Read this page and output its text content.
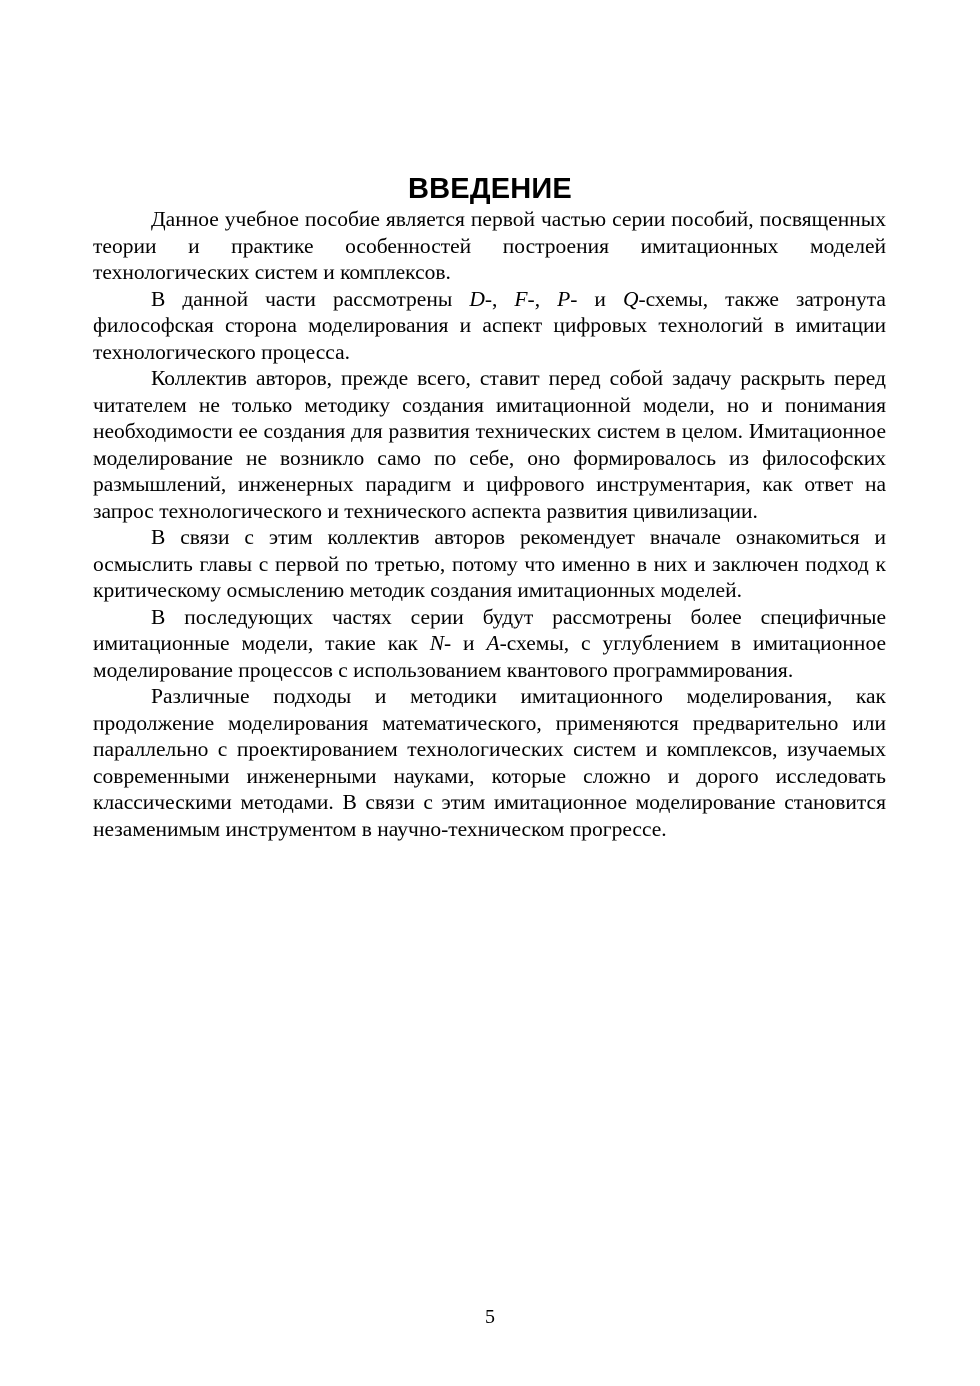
ВВЕДЕНИЕ

Данное учебное пособие является первой частью серии пособий, посвященных теории и практике особенностей построения имитационных моделей технологических систем и комплексов.

В данной части рассмотрены D-, F-, P- и Q-схемы, также затронута философская сторона моделирования и аспект цифровых технологий в имитации технологического процесса.

Коллектив авторов, прежде всего, ставит перед собой задачу раскрыть перед читателем не только методику создания имитационной модели, но и понимания необходимости ее создания для развития технических систем в целом. Имитационное моделирование не возникло само по себе, оно формировалось из философских размышлений, инженерных парадигм и цифрового инструментария, как ответ на запрос технологического и технического аспекта развития цивилизации.

В связи с этим коллектив авторов рекомендует вначале ознакомиться и осмыслить главы с первой по третью, потому что именно в них и заключен подход к критическому осмыслению методик создания имитационных моделей.

В последующих частях серии будут рассмотрены более специфичные имитационные модели, такие как N- и A-схемы, с углублением в имитационное моделирование процессов с использованием квантового программирования.

Различные подходы и методики имитационного моделирования, как продолжение моделирования математического, применяются предварительно или параллельно с проектированием технологических систем и комплексов, изучаемых современными инженерными науками, которые сложно и дорого исследовать классическими методами. В связи с этим имитационное моделирование становится незаменимым инструментом в научно-техническом прогрессе.

5
